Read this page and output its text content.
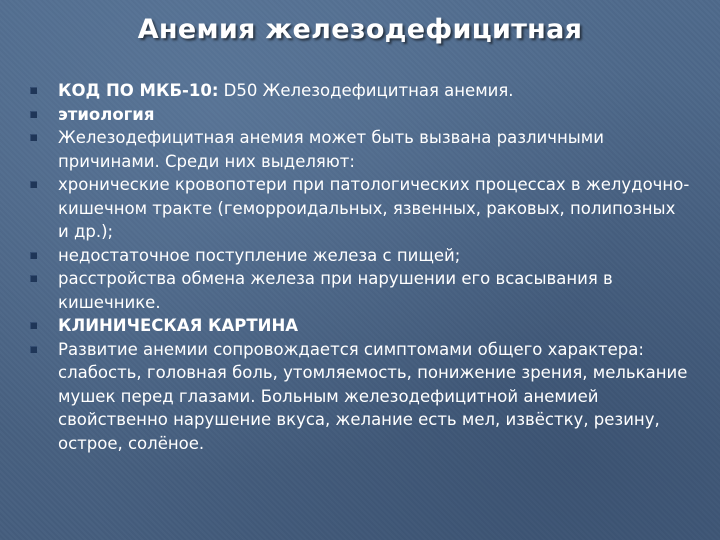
Анемия железодефицитная
КОД ПО МКБ-10: D50 Железодефицитная анемия.
этиология
Железодефицитная анемия может быть вызвана различными причинами. Среди них выделяют:
хронические кровопотери при патологических процессах в желудочно-кишечном тракте (геморроидальных, язвенных, раковых, полипозных и др.);
недостаточное поступление железа с пищей;
расстройства обмена железа при нарушении его всасывания в кишечнике.
КЛИНИЧЕСКАЯ КАРТИНА
Развитие анемии сопровождается симптомами общего характера: слабость, головная боль, утомляемость, понижение зрения, мелькание мушек перед глазами. Больным железодефицитной анемией свойственно нарушение вкуса, желание есть мел, извёстку, резину, острое, солёное.
